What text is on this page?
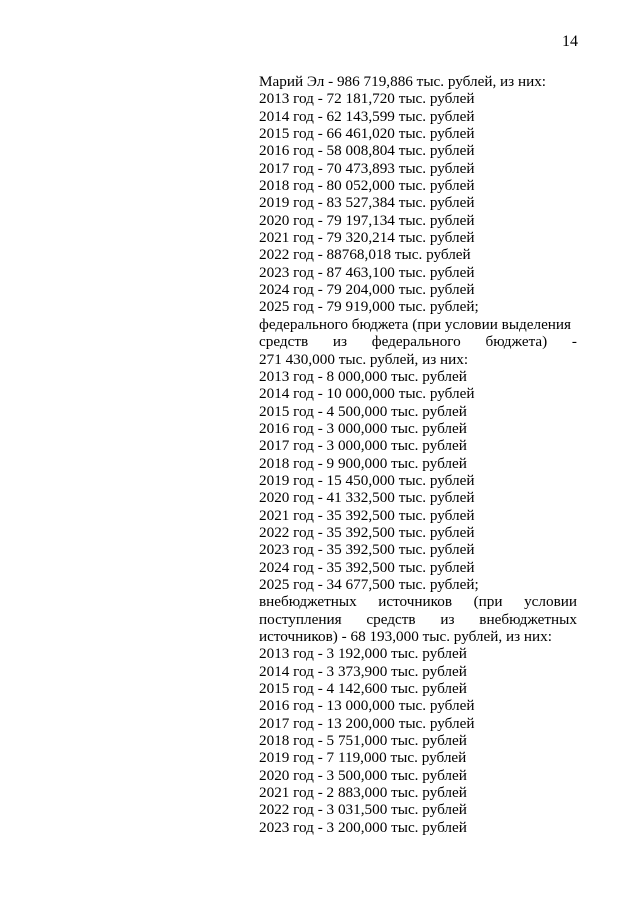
14
Марий Эл - 986 719,886 тыс. рублей, из них:
2013 год - 72 181,720 тыс. рублей
2014 год - 62 143,599 тыс. рублей
2015 год - 66 461,020 тыс. рублей
2016 год - 58 008,804 тыс. рублей
2017 год - 70 473,893 тыс. рублей
2018 год - 80 052,000 тыс. рублей
2019 год - 83 527,384 тыс. рублей
2020 год - 79 197,134 тыс. рублей
2021 год - 79 320,214 тыс. рублей
2022 год - 88768,018 тыс. рублей
2023 год - 87 463,100 тыс. рублей
2024 год - 79 204,000 тыс. рублей
2025 год - 79 919,000 тыс. рублей;
федерального бюджета (при условии выделения
средств из федерального бюджета) -
271 430,000 тыс. рублей, из них:
2013 год - 8 000,000 тыс. рублей
2014 год - 10 000,000 тыс. рублей
2015 год - 4 500,000 тыс. рублей
2016 год - 3 000,000 тыс. рублей
2017 год - 3 000,000 тыс. рублей
2018 год - 9 900,000 тыс. рублей
2019 год - 15 450,000 тыс. рублей
2020 год - 41 332,500 тыс. рублей
2021 год - 35 392,500 тыс. рублей
2022 год - 35 392,500 тыс. рублей
2023 год - 35 392,500 тыс. рублей
2024 год - 35 392,500 тыс. рублей
2025 год - 34 677,500 тыс. рублей;
внебюджетных источников (при условии
поступления средств из внебюджетных
источников) - 68 193,000 тыс. рублей, из них:
2013 год - 3 192,000 тыс. рублей
2014 год - 3 373,900 тыс. рублей
2015 год - 4 142,600 тыс. рублей
2016 год - 13 000,000 тыс. рублей
2017 год - 13 200,000 тыс. рублей
2018 год - 5 751,000 тыс. рублей
2019 год - 7 119,000 тыс. рублей
2020 год - 3 500,000 тыс. рублей
2021 год - 2 883,000 тыс. рублей
2022 год - 3 031,500 тыс. рублей
2023 год - 3 200,000 тыс. рублей
